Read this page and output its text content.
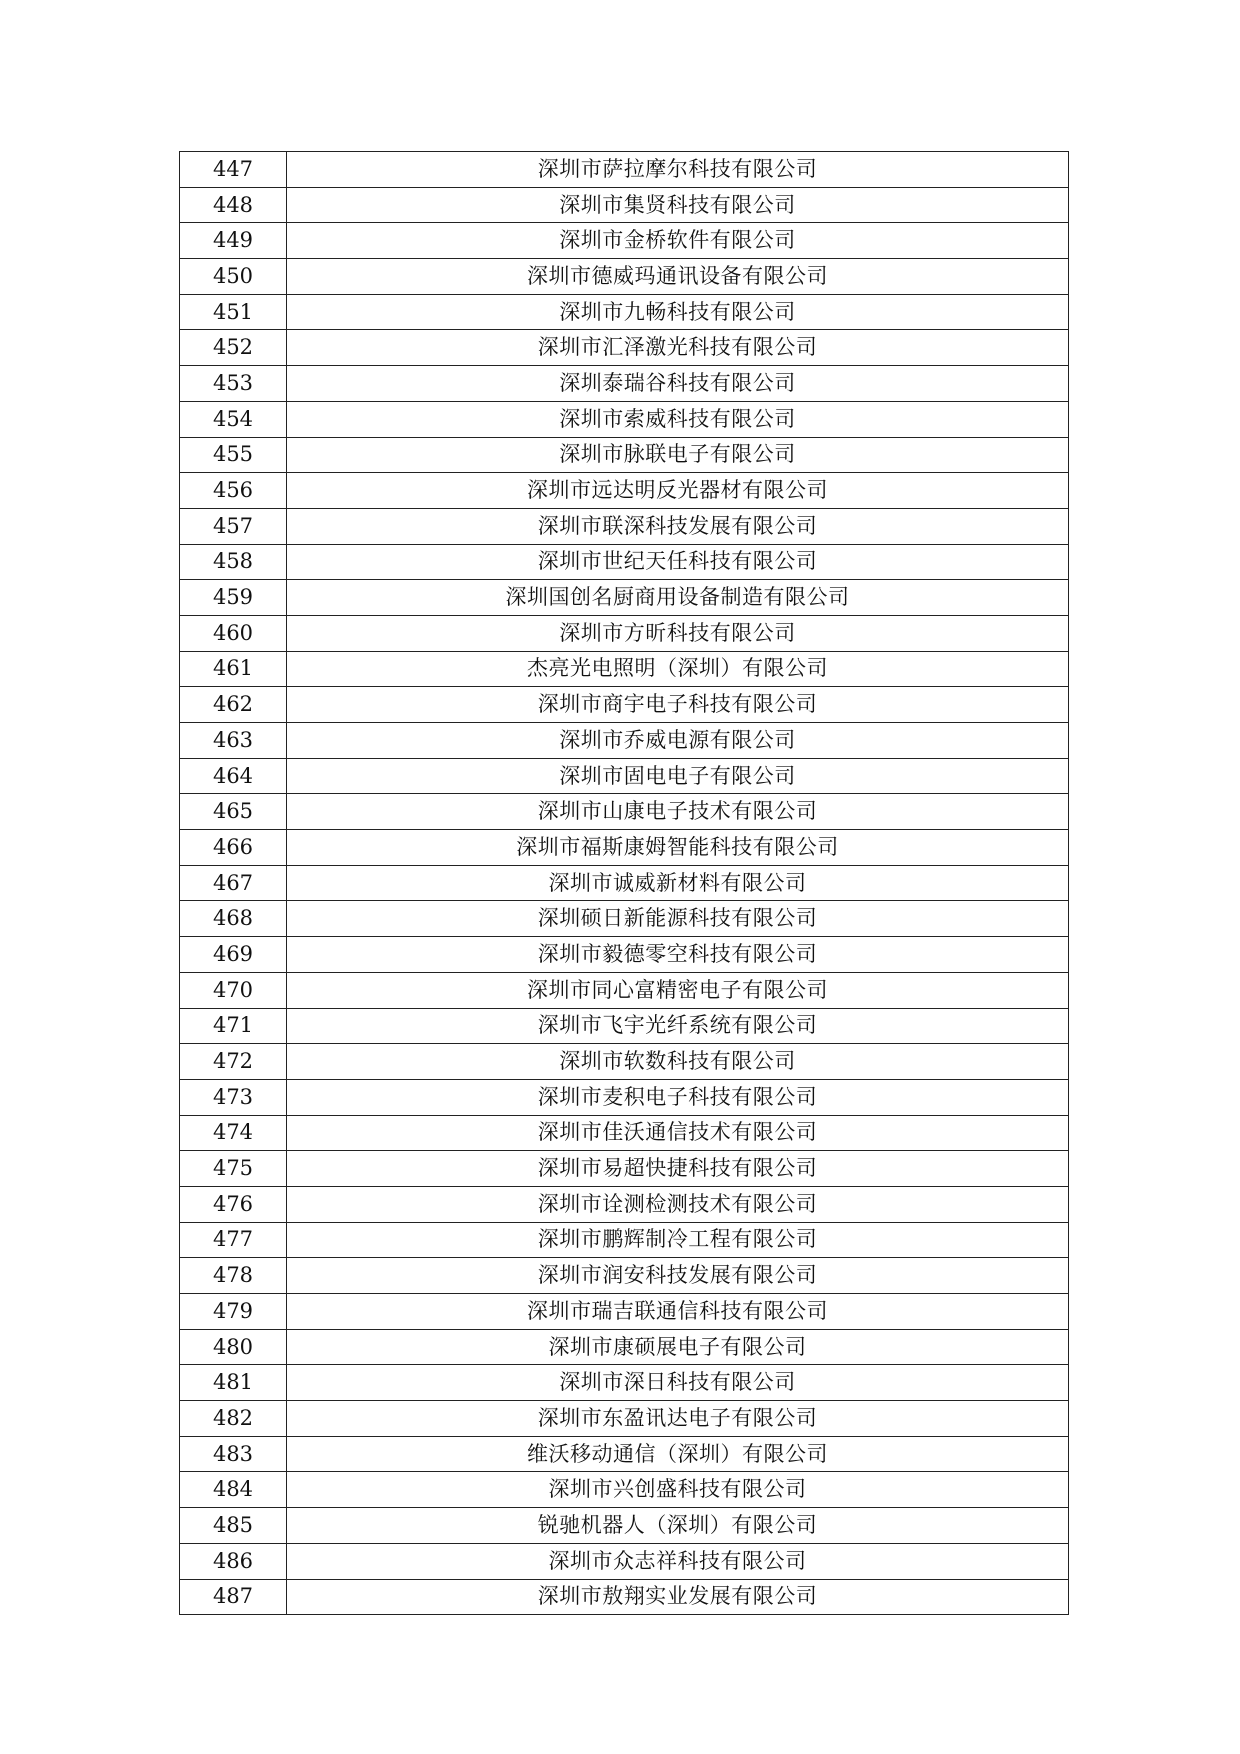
447	深圳市萨拉摩尔科技有限公司
448	深圳市集贤科技有限公司
449	深圳市金桥软件有限公司
450	深圳市德威玛通讯设备有限公司
451	深圳市九畅科技有限公司
452	深圳市汇泽激光科技有限公司
453	深圳泰瑞谷科技有限公司
454	深圳市索威科技有限公司
455	深圳市脉联电子有限公司
456	深圳市远达明反光器材有限公司
457	深圳市联深科技发展有限公司
458	深圳市世纪天任科技有限公司
459	深圳国创名厨商用设备制造有限公司
460	深圳市方昕科技有限公司
461	杰亮光电照明（深圳）有限公司
462	深圳市商宇电子科技有限公司
463	深圳市乔威电源有限公司
464	深圳市固电电子有限公司
465	深圳市山康电子技术有限公司
466	深圳市福斯康姆智能科技有限公司
467	深圳市诚威新材料有限公司
468	深圳硕日新能源科技有限公司
469	深圳市毅德零空科技有限公司
470	深圳市同心富精密电子有限公司
471	深圳市飞宇光纤系统有限公司
472	深圳市软数科技有限公司
473	深圳市麦积电子科技有限公司
474	深圳市佳沃通信技术有限公司
475	深圳市易超快捷科技有限公司
476	深圳市诠测检测技术有限公司
477	深圳市鹏辉制冷工程有限公司
478	深圳市润安科技发展有限公司
479	深圳市瑞吉联通信科技有限公司
480	深圳市康硕展电子有限公司
481	深圳市深日科技有限公司
482	深圳市东盈讯达电子有限公司
483	维沃移动通信（深圳）有限公司
484	深圳市兴创盛科技有限公司
485	锐驰机器人（深圳）有限公司
486	深圳市众志祥科技有限公司
487	深圳市敖翔实业发展有限公司
